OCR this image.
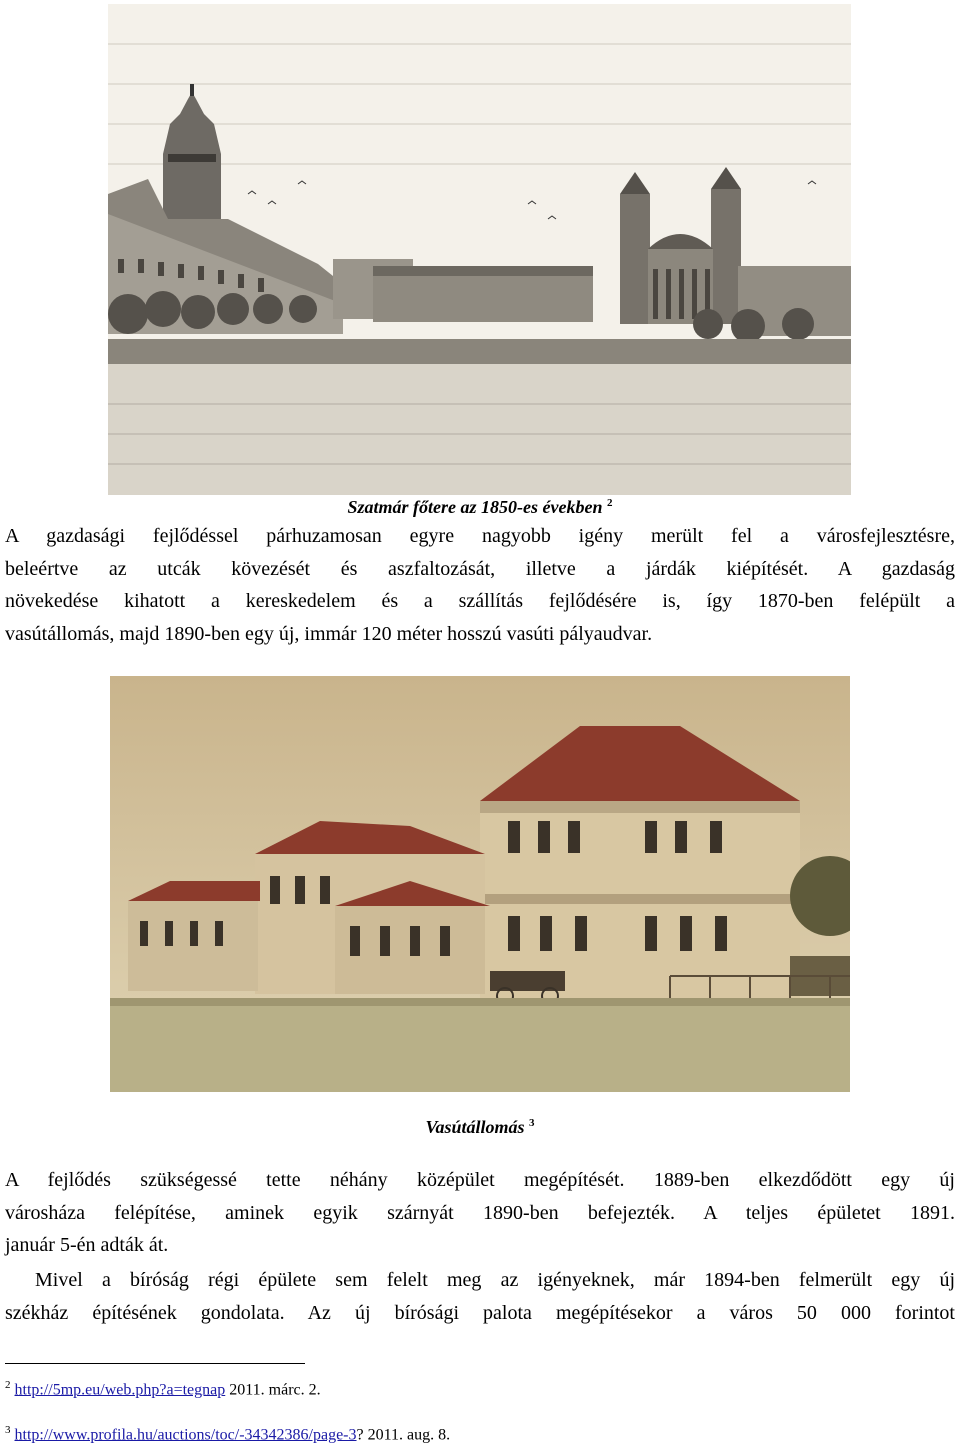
Szatmár főtere az 1850-es években $^2$
A gazdasági fejlődéssel párhuzamosan egyre nagyobb igény merült fel a városfejlesztésre,
beleértve az utcák kövezését és aszfaltozását, illetve a járdák kiépítését. A gazdaság
növekedése kihatott a kereskedelem és a szállítás fejlődésére is, így 1870-ben felépült a
vasútállomás, majd 1890-ben egy új, immár 120 méter hosszú vasúti pályaudvar.
Vasútállomás $^3$
A fejlődés szükségessé tette néhány középület megépítését. 1889-ben elkezdődött egy új
városháza felépítése, aminek egyik szárnyát 1890-ben befejezték. A teljes épületet 1891.
január 5-én adták át.
Mivel a bíróság régi épülete sem felelt meg az igényeknek, már 1894-ben felmerült egy új
székház építésének gondolata. Az új bírósági palota megépítésekor a város 50 000 forintot
$^2$ http://5mp.eu/web.php?a=tegnap 2011. márc. 2.
$^3$ http://www.profila.hu/auctions/toc/-34342386/page-3? 2011. aug. 8.
